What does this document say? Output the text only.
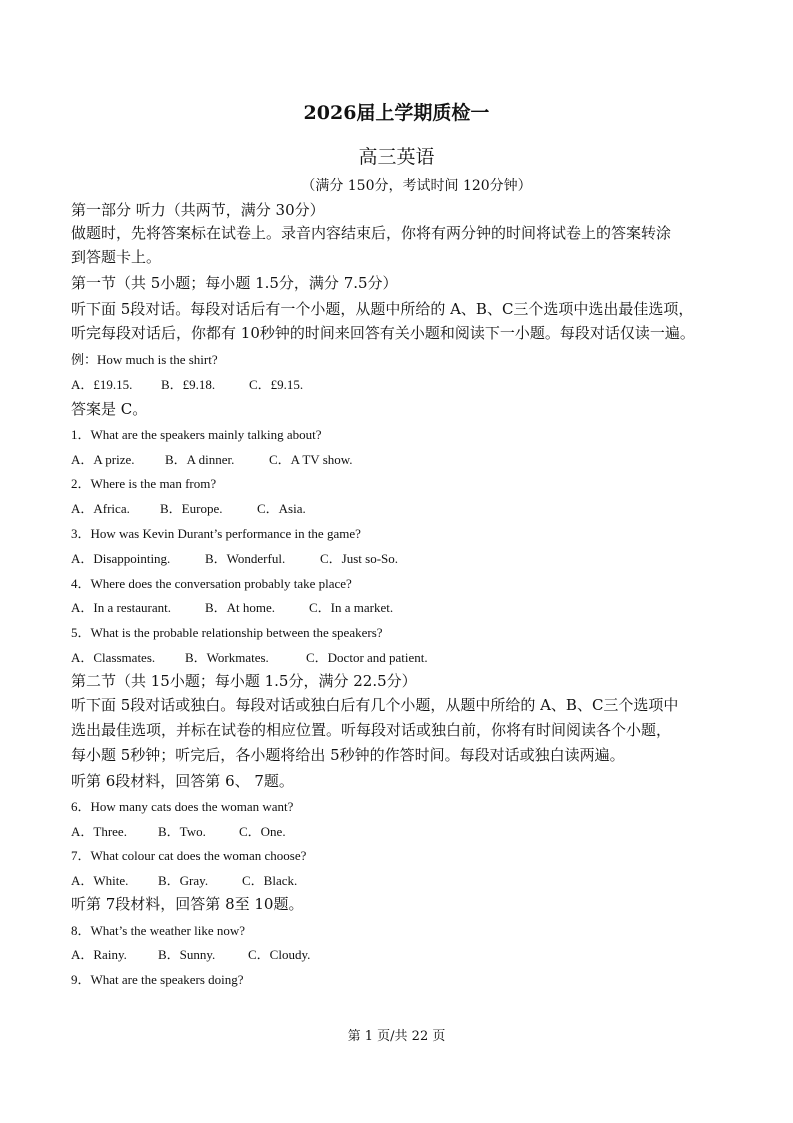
2026届上学期质检一
高三英语
（满分 150分，考试时间 120分钟）
第一部分 听力（共两节，满分 30分）
做题时，先将答案标在试卷上。录音内容结束后，你将有两分钟的时间将试卷上的答案转涂
到答题卡上。
第一节（共 5小题；每小题 1.5分，满分 7.5分）
听下面 5段对话。每段对话后有一个小题，从题中所给的 A、B、C三个选项中选出最佳选项，
听完每段对话后，你都有 10秒钟的时间来回答有关小题和阅读下一小题。每段对话仅读一遍。
例：How much is the shirt?
A．£19.15. B．£9.18.	C．£9.15.
答案是 C。
1．What are the speakers mainly talking about?
A．A prize. B．A dinner.	C．A TV show.
2．Where is the man from?
A．Africa. B．Europe.	C．Asia.
3．How was Kevin Durant’s performance in the game?
A．Disappointing.	B．Wonderful.	C．Just so-So.
4．Where does the conversation probably take place?
A．In a restaurant.	B．At home.	C．In a market.
5．What is the probable relationship between the speakers?
A．Classmates. B．Workmates.	C．Doctor and patient.
第二节（共 15小题；每小题 1.5分，满分 22.5分）
听下面 5段对话或独白。每段对话或独白后有几个小题，从题中所给的 A、B、C三个选项中
选出最佳选项，并标在试卷的相应位置。听每段对话或独白前，你将有时间阅读各个小题，
每小题 5秒钟；听完后，各小题将给出 5秒钟的作答时间。每段对话或独白读两遍。
听第 6段材料，回答第 6、 7题。
6．How many cats does the woman want?
A．Three. B．Two.	C．One.
7．What colour cat does the woman choose?
A．White. B．Gray.	C．Black.
听第 7段材料，回答第 8至 10题。
8．What’s the weather like now?
A．Rainy. B．Sunny.	C．Cloudy.
9．What are the speakers doing?
第 1 页/共 22 页
